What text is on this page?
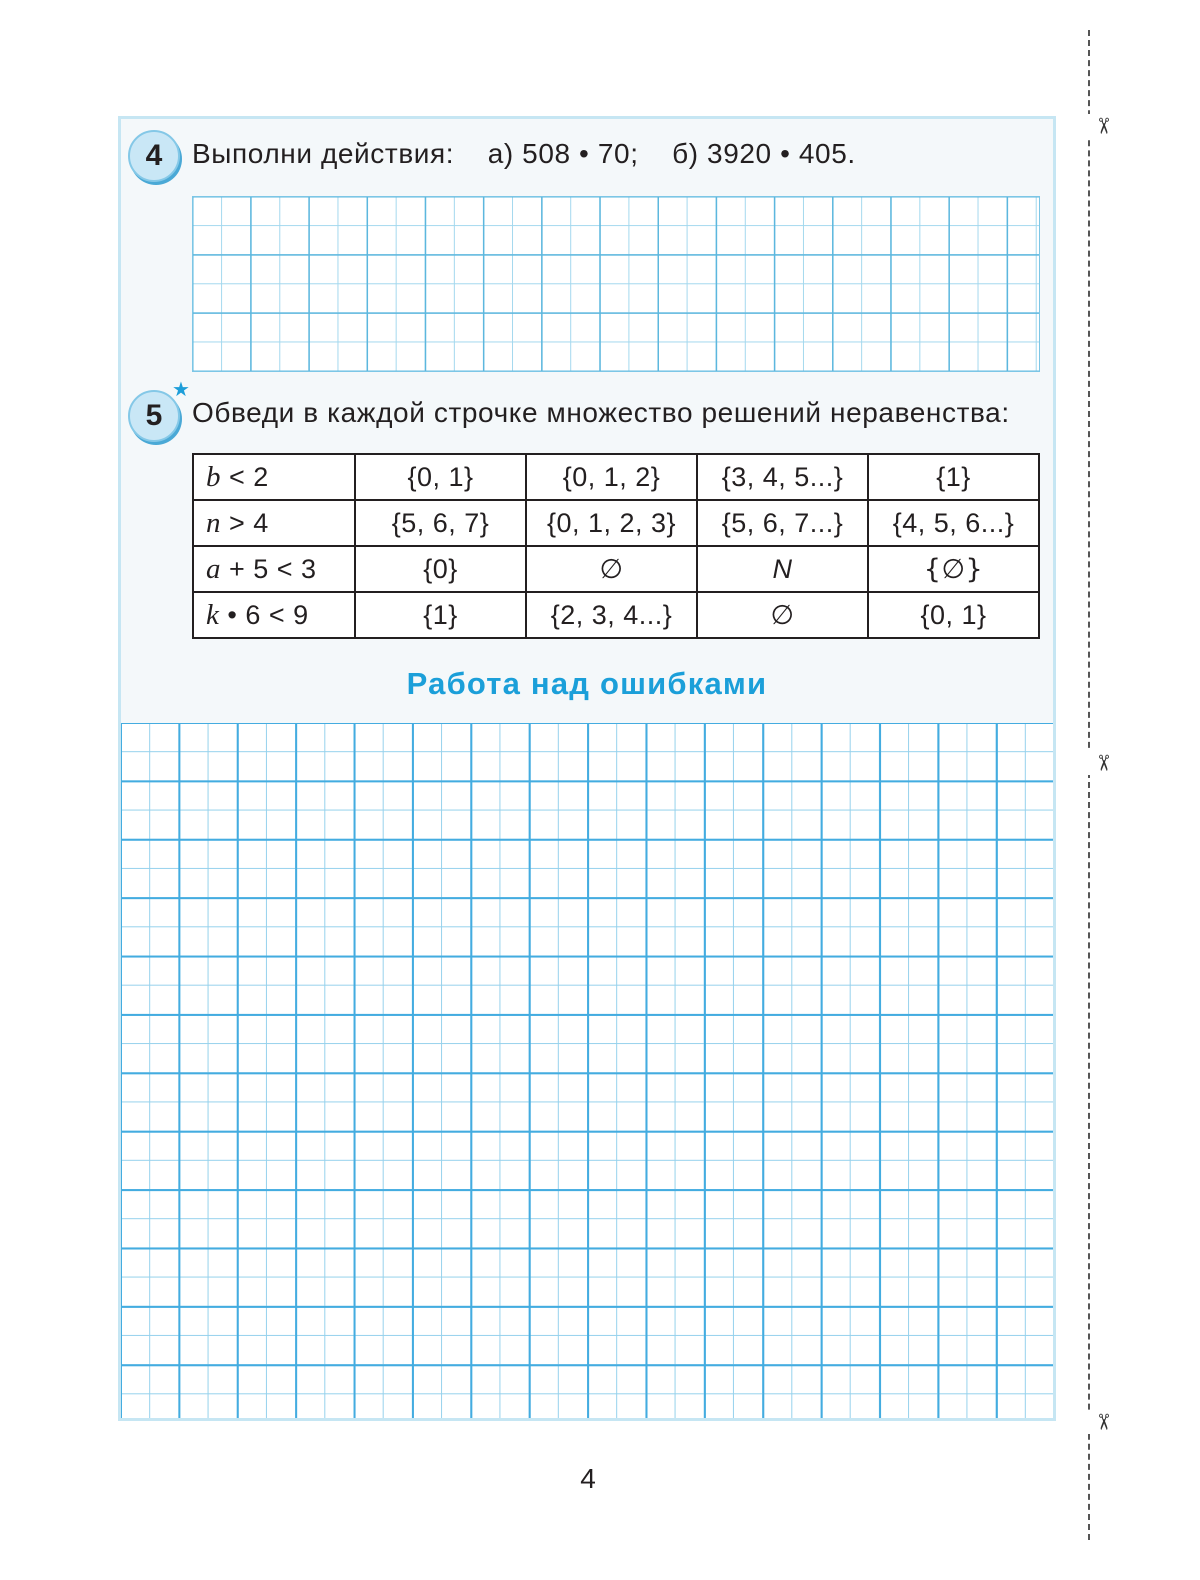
4	Выполни действия:    а) 508 • 70;    б) 3920 • 405.
5
★
Обведи в каждой строчке множество решений неравенства:
b < 2	{0, 1}	{0, 1, 2}	{3, 4, 5...}	{1}
n > 4	{5, 6, 7}	{0, 1, 2, 3}	{5, 6, 7...}	{4, 5, 6...}
a + 5 < 3	{0}	∅	N	{∅}
k • 6 < 9	{1}	{2, 3, 4...}	∅	{0, 1}
Работа над ошибками
✂
✂
✂
4
